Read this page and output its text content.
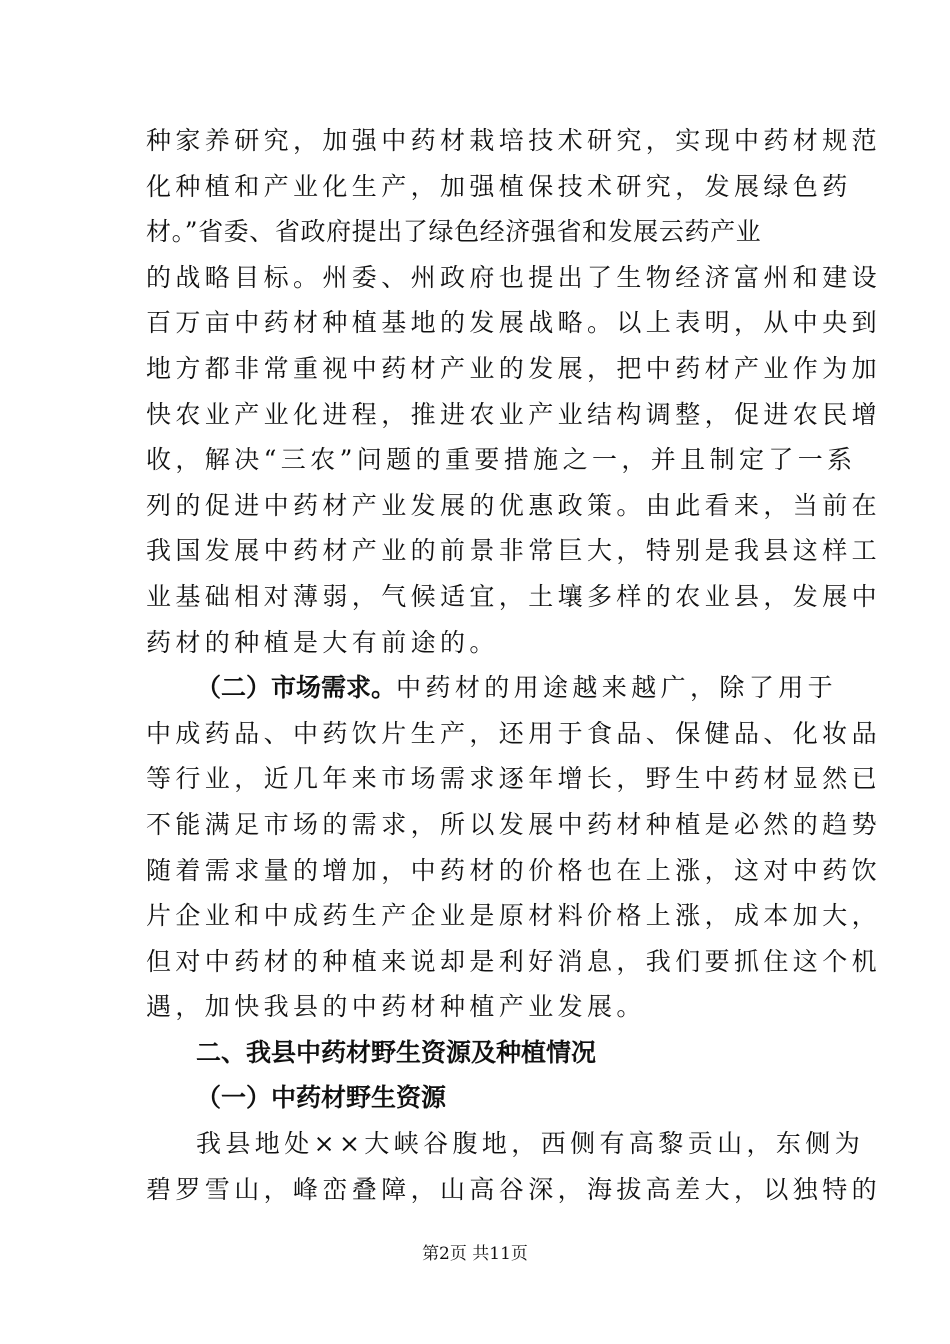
种家养研究，加强中药材栽培技术研究，实现中药材规范
化种植和产业化生产，加强植保技术研究，发展绿色药
材。”省委、省政府提出了绿色经济强省和发展云药产业
的战略目标。州委、州政府也提出了生物经济富州和建设
百万亩中药材种植基地的发展战略。以上表明，从中央到
地方都非常重视中药材产业的发展，把中药材产业作为加
快农业产业化进程，推进农业产业结构调整，促进农民增
收，解决“三农”问题的重要措施之一，并且制定了一系
列的促进中药材产业发展的优惠政策。由此看来，当前在
我国发展中药材产业的前景非常巨大，特别是我县这样工
业基础相对薄弱，气候适宜，土壤多样的农业县，发展中
药材的种植是大有前途的。
（二）市场需求。中药材的用途越来越广，除了用于
中成药品、中药饮片生产，还用于食品、保健品、化妆品
等行业，近几年来市场需求逐年增长，野生中药材显然已
不能满足市场的需求，所以发展中药材种植是必然的趋势
随着需求量的增加，中药材的价格也在上涨，这对中药饮
片企业和中成药生产企业是原材料价格上涨，成本加大，
但对中药材的种植来说却是利好消息，我们要抓住这个机
遇，加快我县的中药材种植产业发展。
二、我县中药材野生资源及种植情况
（一）中药材野生资源
我县地处××大峡谷腹地，西侧有高黎贡山，东侧为
碧罗雪山，峰峦叠障，山高谷深，海拔高差大，以独特的
第2页 共11页
